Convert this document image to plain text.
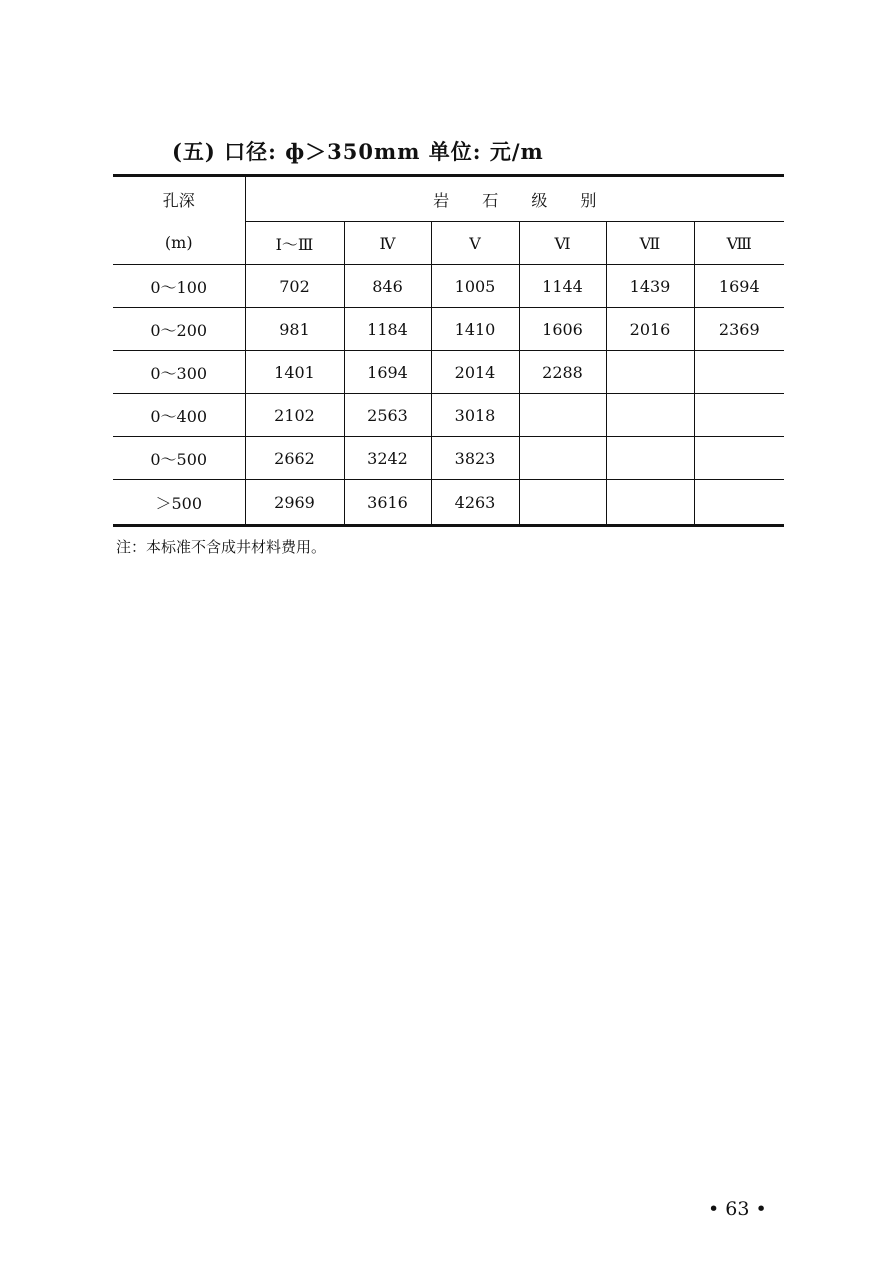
(五) 口径: ф＞350mm 单位: 元/m
孔深	岩 石 级 别					
(m)	Ⅰ～Ⅲ	Ⅳ	Ⅴ	Ⅵ	Ⅶ	Ⅷ
0～100	702	846	1005	1144	1439	1694
0～200	981	1184	1410	1606	2016	2369
0～300	1401	1694	2014	2288		
0～400	2102	2563	3018			
0～500	2662	3242	3823			
＞500	2969	3616	4263			
注：本标准不含成井材料费用。
• 63 •
